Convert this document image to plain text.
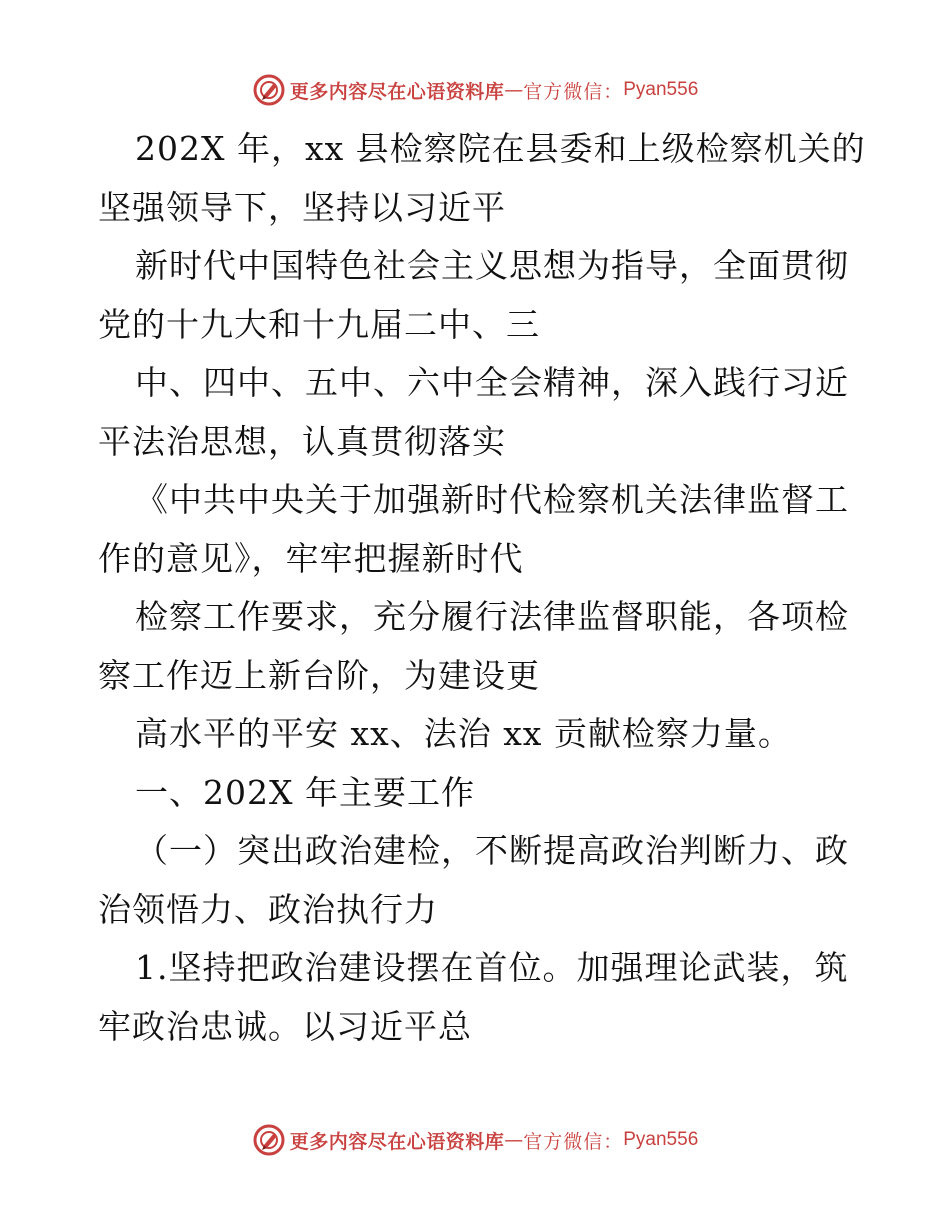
更多内容尽在心语资料库 — 官方微信： Pyan556
202X 年，xx 县检察院在县委和上级检察机关的
坚强领导下，坚持以习近平
新时代中国特色社会主义思想为指导，全面贯彻
党的十九大和十九届二中、三
中、四中、五中、六中全会精神，深入践行习近
平法治思想，认真贯彻落实
《中共中央关于加强新时代检察机关法律监督工
作的意见》，牢牢把握新时代
检察工作要求，充分履行法律监督职能，各项检
察工作迈上新台阶，为建设更
高水平的平安 xx、法治 xx 贡献检察力量。
一、202X 年主要工作
（一）突出政治建检，不断提高政治判断力、政
治领悟力、政治执行力
1.坚持把政治建设摆在首位。加强理论武装，筑
牢政治忠诚。以习近平总
更多内容尽在心语资料库 — 官方微信： Pyan556
